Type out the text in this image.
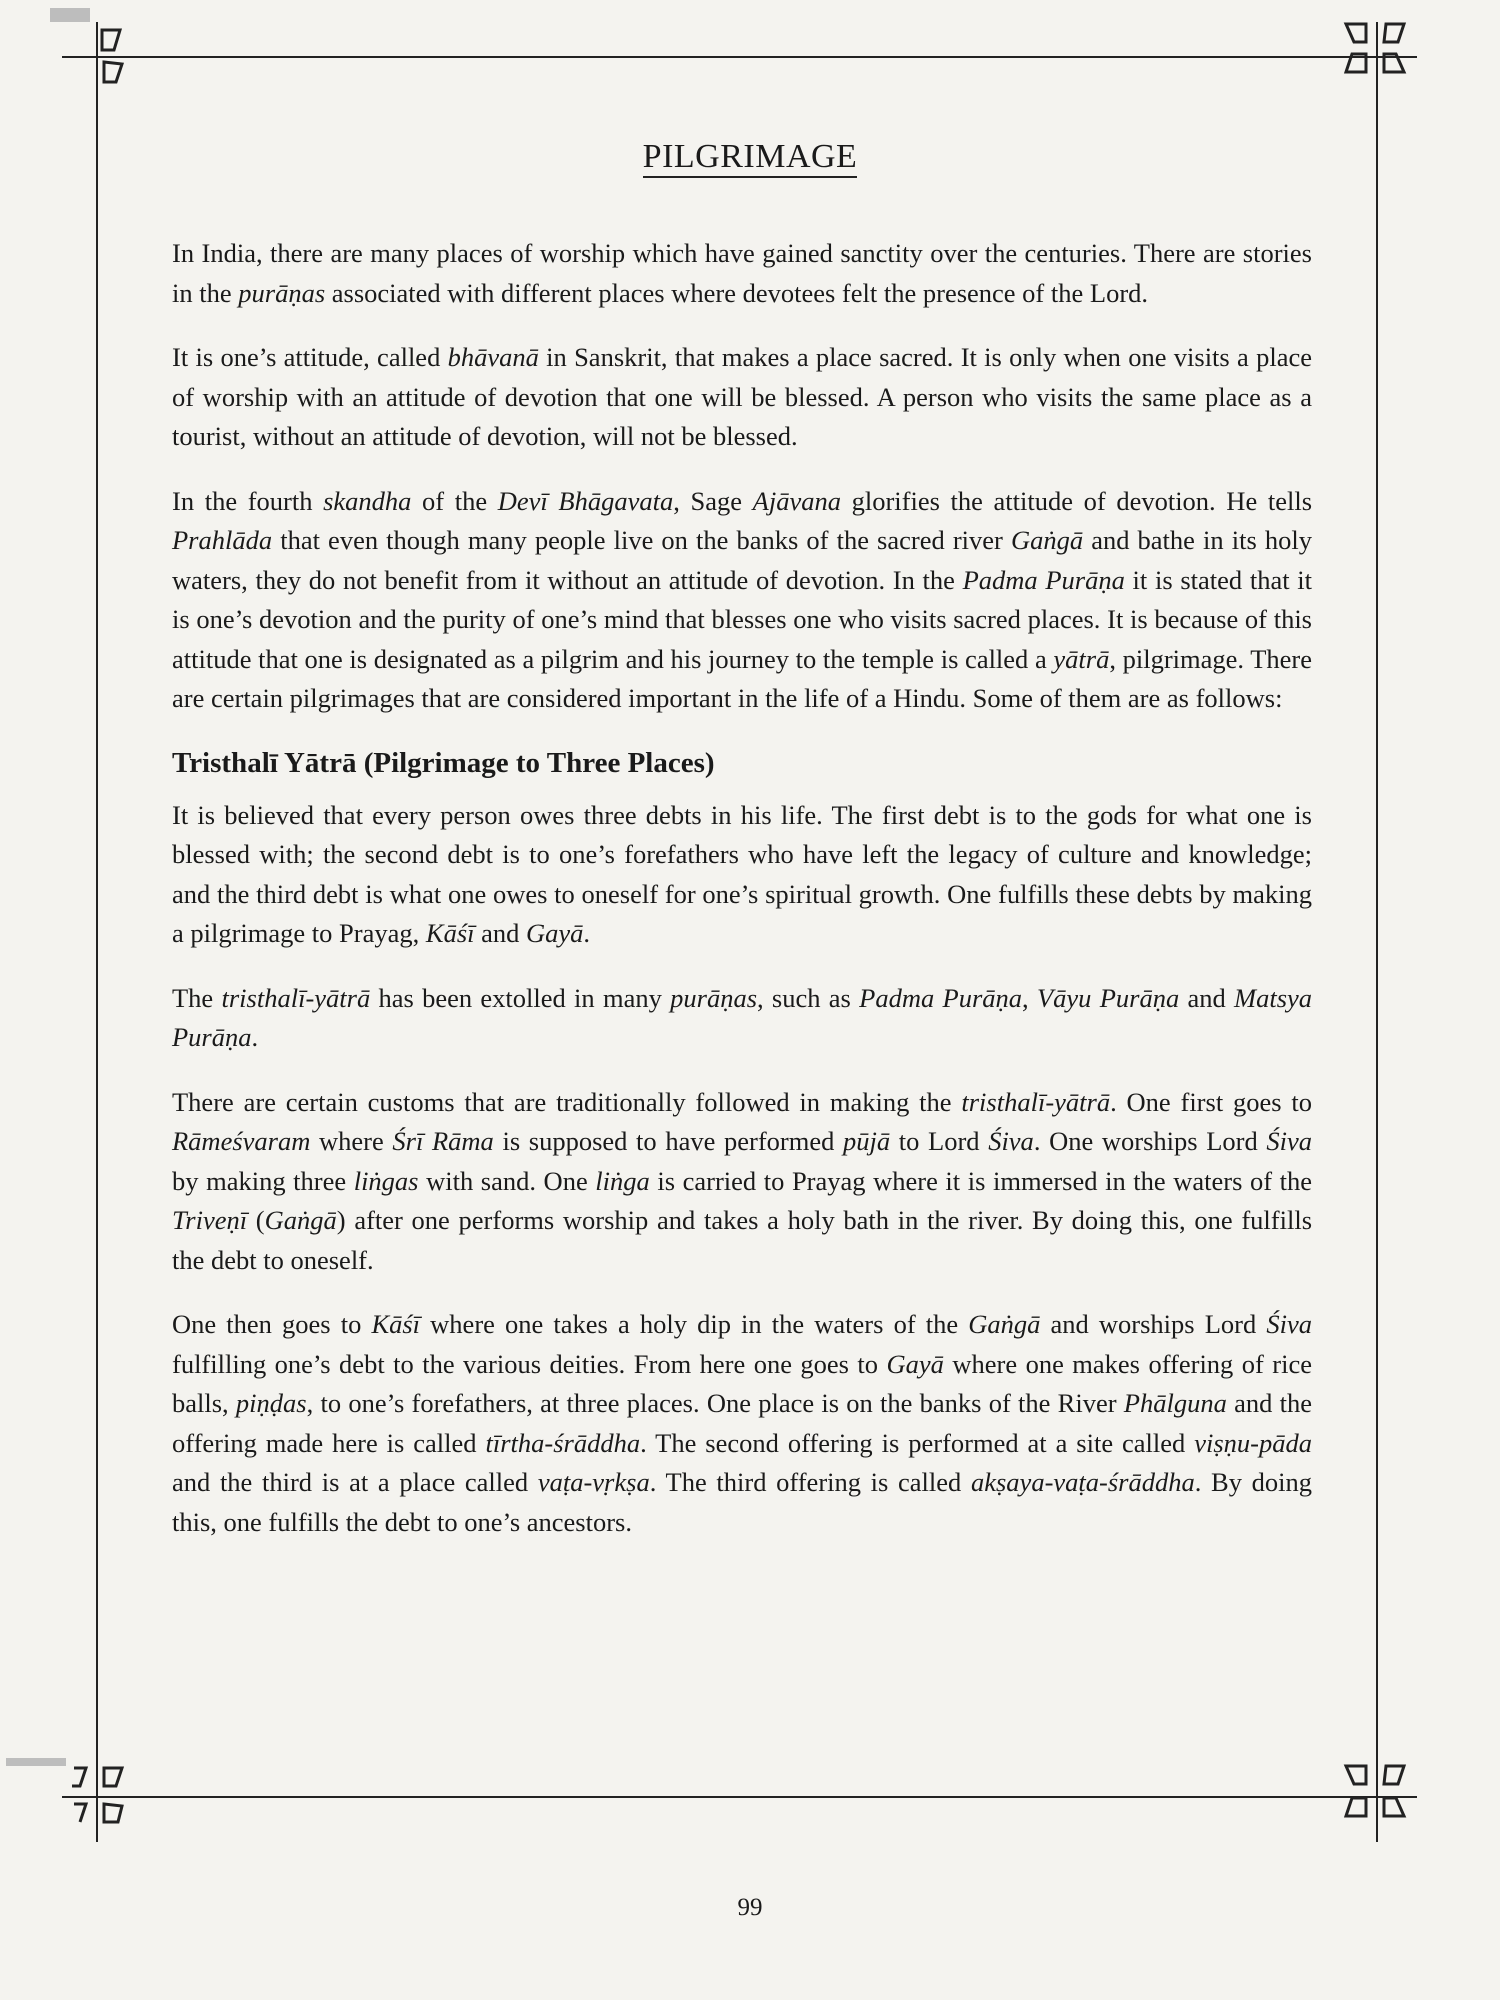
PILGRIMAGE

In India, there are many places of worship which have gained sanctity over the centuries. There are stories in the purāṇas associated with different places where devotees felt the presence of the Lord.

It is one’s attitude, called bhāvanā in Sanskrit, that makes a place sacred. It is only when one visits a place of worship with an attitude of devotion that one will be blessed. A person who visits the same place as a tourist, without an attitude of devotion, will not be blessed.

In the fourth skandha of the Devī Bhāgavata, Sage Ajāvana glorifies the attitude of devotion. He tells Prahlāda that even though many people live on the banks of the sacred river Gaṅgā and bathe in its holy waters, they do not benefit from it without an attitude of devotion. In the Padma Purāṇa it is stated that it is one’s devotion and the purity of one’s mind that blesses one who visits sacred places. It is because of this attitude that one is designated as a pilgrim and his journey to the temple is called a yātrā, pilgrimage. There are certain pilgrimages that are considered important in the life of a Hindu. Some of them are as follows:

Tristhalī Yātrā (Pilgrimage to Three Places)

It is believed that every person owes three debts in his life. The first debt is to the gods for what one is blessed with; the second debt is to one’s forefathers who have left the legacy of culture and knowledge; and the third debt is what one owes to oneself for one’s spiritual growth. One fulfills these debts by making a pilgrimage to Prayag, Kāśī and Gayā.

The tristhalī-yātrā has been extolled in many purāṇas, such as Padma Purāṇa, Vāyu Purāṇa and Matsya Purāṇa.

There are certain customs that are traditionally followed in making the tristhalī-yātrā. One first goes to Rāmeśvaram where Śrī Rāma is supposed to have performed pūjā to Lord Śiva. One worships Lord Śiva by making three liṅgas with sand. One liṅga is carried to Prayag where it is immersed in the waters of the Triveṇī (Gaṅgā) after one performs worship and takes a holy bath in the river. By doing this, one fulfills the debt to oneself.

One then goes to Kāśī where one takes a holy dip in the waters of the Gaṅgā and worships Lord Śiva fulfilling one’s debt to the various deities. From here one goes to Gayā where one makes offering of rice balls, piṇḍas, to one’s forefathers, at three places. One place is on the banks of the River Phālguna and the offering made here is called tīrtha-śrāddha. The second offering is performed at a site called viṣṇu-pāda and the third is at a place called vaṭa-vṛkṣa. The third offering is called akṣaya-vaṭa-śrāddha. By doing this, one fulfills the debt to one’s ancestors.

99
